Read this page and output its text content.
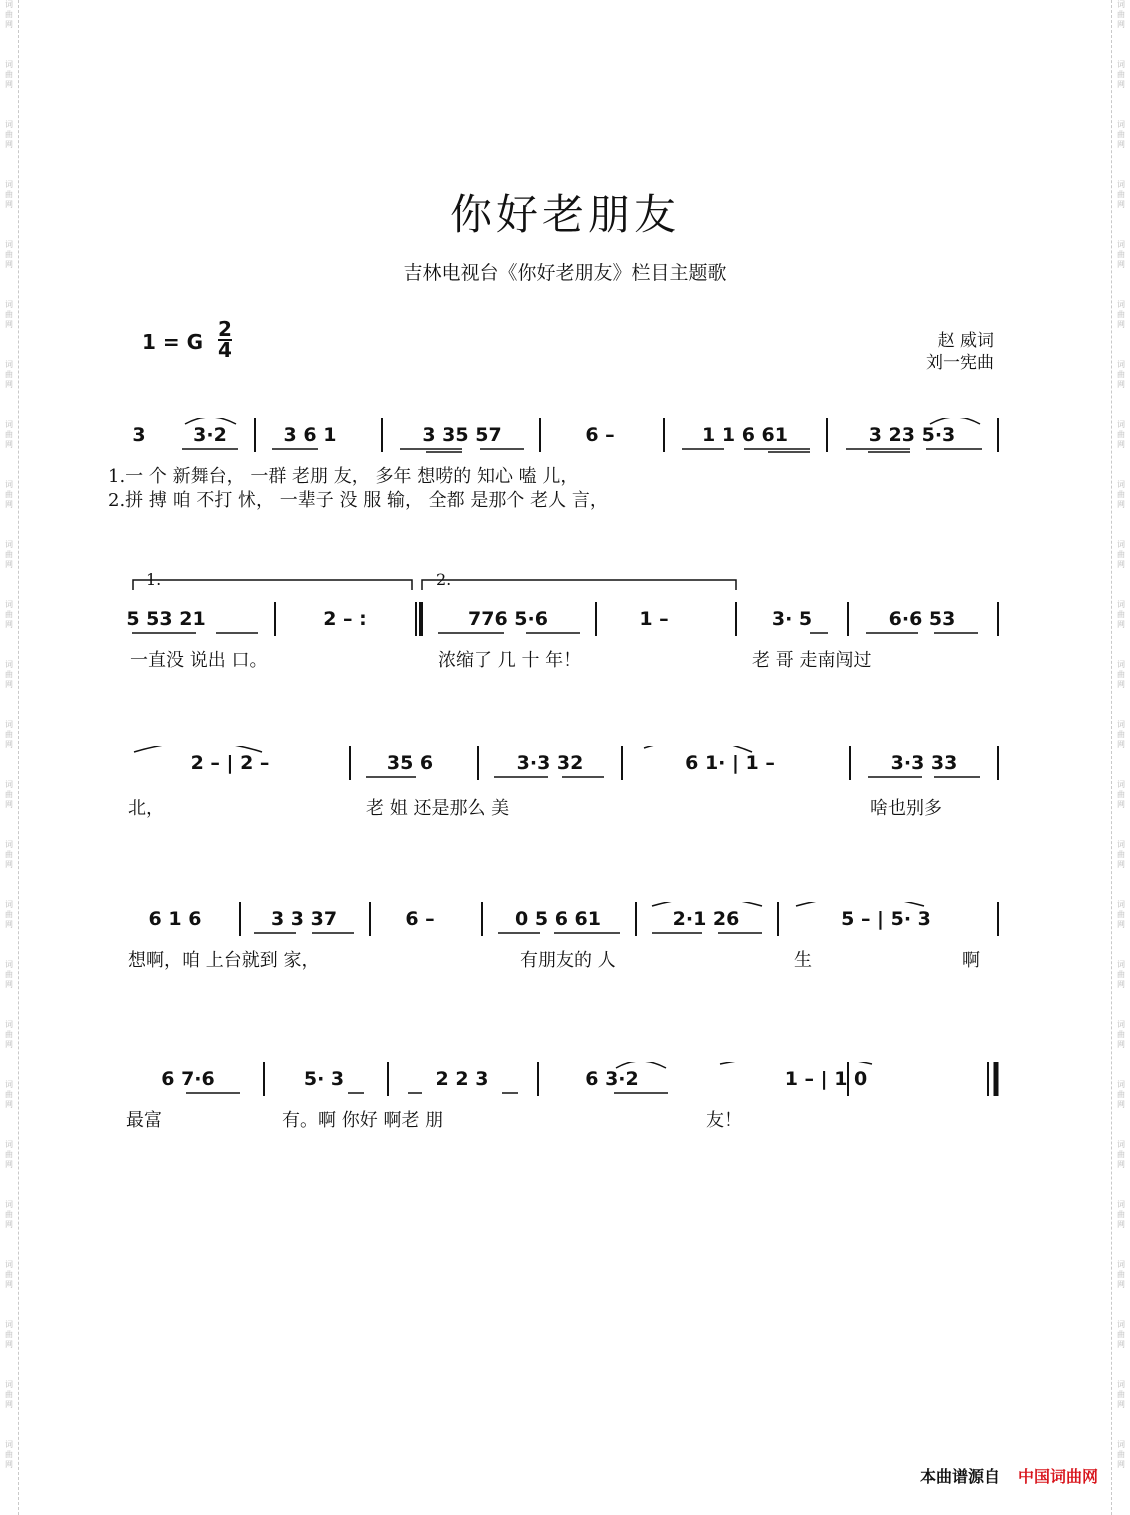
词
曲
网
词
曲
网
词
曲
网
词
曲
网
词
曲
网
词
曲
网
词
曲
网
词
曲
网
词
曲
网
词
曲
网
词
曲
网
词
曲
网
词
曲
网
词
曲
网
词
曲
网
词
曲
网
词
曲
网
词
曲
网
词
曲
网
词
曲
网
词
曲
网
词
曲
网
词
曲
网
词
曲
网
词
曲
网
词
曲
网
词
曲
网
词
曲
网
词
曲
网
词
曲
网
词
曲
网
词
曲
网
词
曲
网
词
曲
网
词
曲
网
词
曲
网
词
曲
网
词
曲
网
词
曲
网
词
曲
网
词
曲
网
词
曲
网
词
曲
网
词
曲
网
词
曲
网
词
曲
网
词
曲
网
词
曲
网
词
曲
网
词
曲
网
你好老朋友
吉林电视台《你好老朋友》栏目主题歌
1 = G
2
4	赵 威词
刘一宪曲
3	3·2	3 6 1	3 35 57	6 –	1 1 6 61	3 23 5·3
1.一 个 新舞台， 一群 老朋 友， 多年 想唠的 知心 嗑 儿，
2.拼 搏 咱 不打 怵， 一辈子 没 服 输， 全都 是那个 老人 言，
1.	2.
5 53 21	2 – :	776 5·6	1 –	3· 5	6·6 53
一直没 说出 口。	浓缩了 几 十 年！	老 哥 走南闯过
2 – | 2 –	35 6	3·3 32	6 1· | 1 –	3·3 33
北，	老 姐 还是那么 美	啥也别多
6 1 6	3 3 37	6 –	0 5 6 61	2·1 26	5 – | 5· 3
想啊，咱 上台就到 家，	有朋友的 人	生	啊
6 7·6	5· 3	2 2 3	6 3·2	1 – | 1 0
最富	有。啊 你好 啊老 朋	友！
本曲谱源自 中国词曲网
